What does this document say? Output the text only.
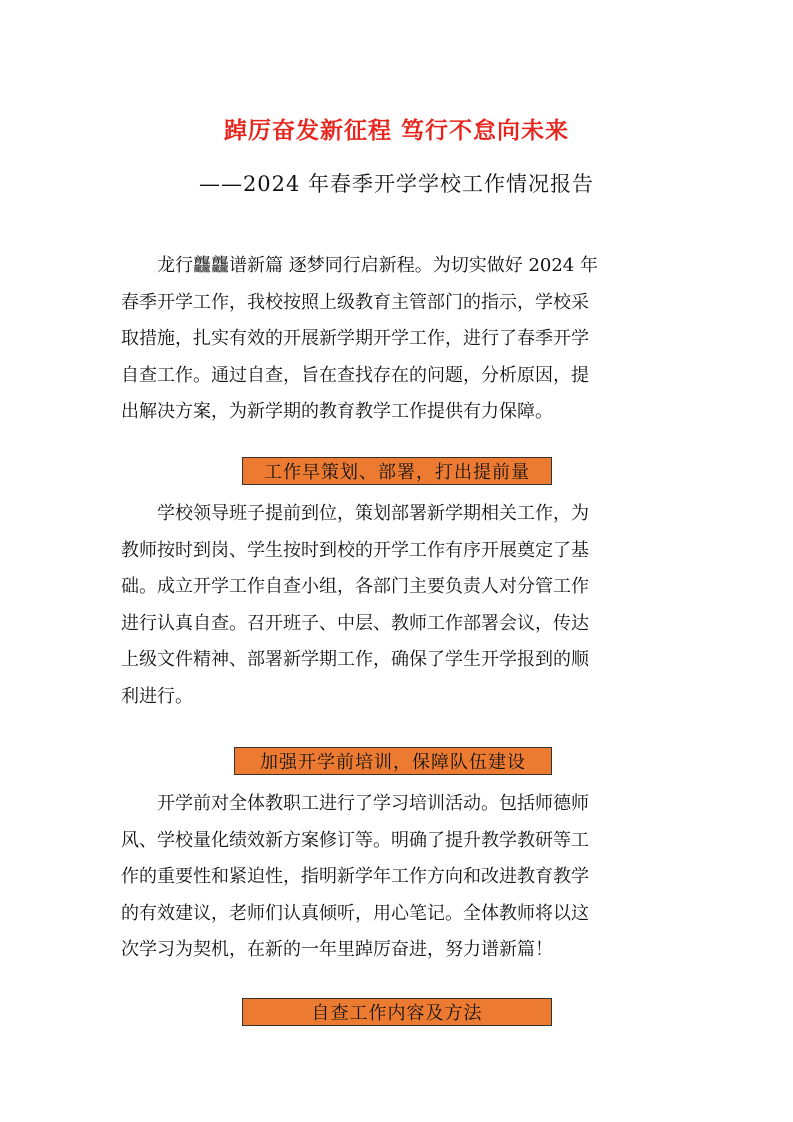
踔厉奋发新征程 笃行不怠向未来
——2024 年春季开学学校工作情况报告
　　龙行龘龘谱新篇 逐梦同行启新程。为切实做好 2024 年
春季开学工作，我校按照上级教育主管部门的指示，学校采
取措施，扎实有效的开展新学期开学工作，进行了春季开学
自查工作。通过自查，旨在查找存在的问题，分析原因，提
出解决方案，为新学期的教育教学工作提供有力保障。
工作早策划、部署，打出提前量
　　学校领导班子提前到位，策划部署新学期相关工作，为
教师按时到岗、学生按时到校的开学工作有序开展奠定了基
础。成立开学工作自查小组，各部门主要负责人对分管工作
进行认真自查。召开班子、中层、教师工作部署会议，传达
上级文件精神、部署新学期工作，确保了学生开学报到的顺
利进行。
加强开学前培训，保障队伍建设
　　开学前对全体教职工进行了学习培训活动。包括师德师
风、学校量化绩效新方案修订等。明确了提升教学教研等工
作的重要性和紧迫性，指明新学年工作方向和改进教育教学
的有效建议，老师们认真倾听，用心笔记。全体教师将以这
次学习为契机，在新的一年里踔厉奋进，努力谱新篇！
自查工作内容及方法
